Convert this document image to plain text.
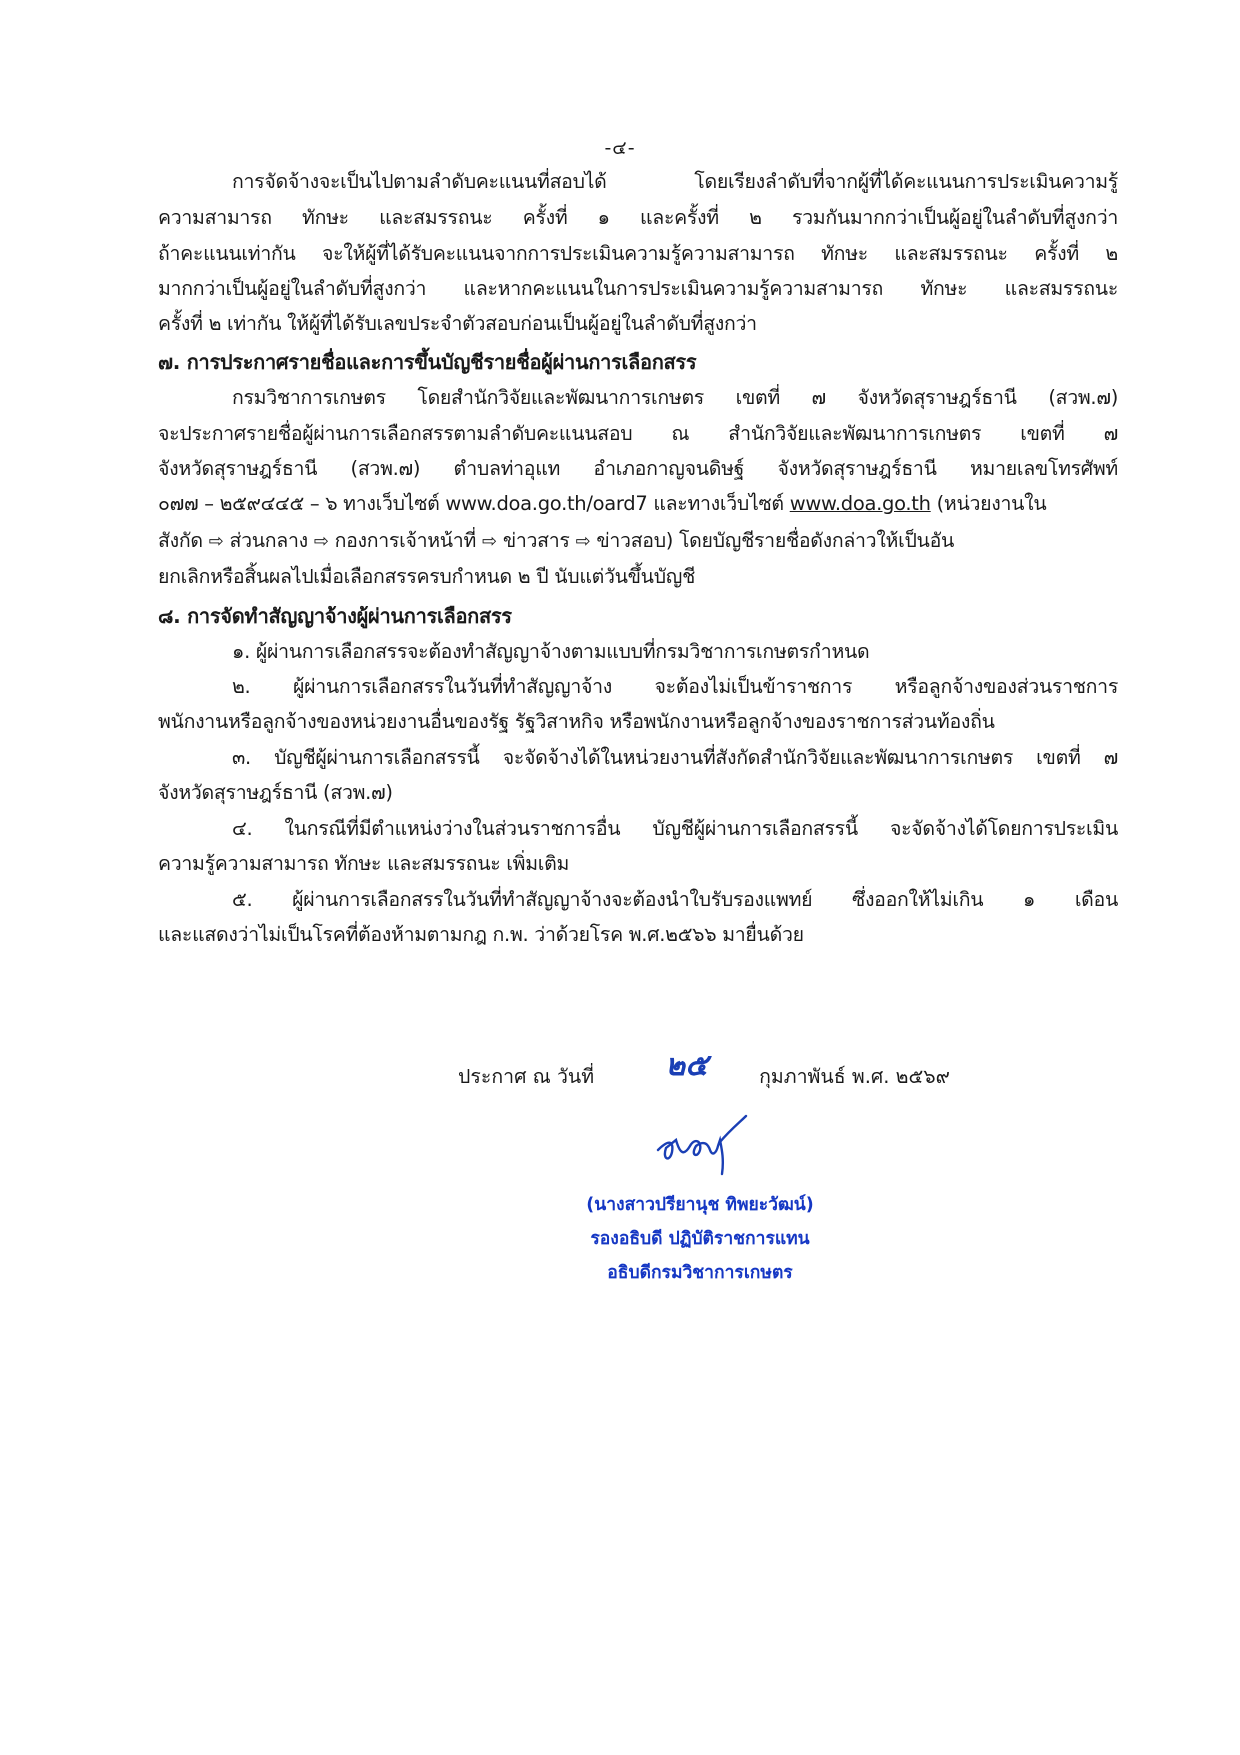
-๔-
การจัดจ้างจะเป็นไปตามลำดับคะแนนที่สอบได้ โดยเรียงลำดับที่จากผู้ที่ได้คะแนนการประเมินความรู้
ความสามารถ ทักษะ และสมรรถนะ ครั้งที่ ๑ และครั้งที่ ๒ รวมกันมากกว่าเป็นผู้อยู่ในลำดับที่สูงกว่า
ถ้าคะแนนเท่ากัน จะให้ผู้ที่ได้รับคะแนนจากการประเมินความรู้ความสามารถ ทักษะ และสมรรถนะ ครั้งที่ ๒
มากกว่าเป็นผู้อยู่ในลำดับที่สูงกว่า และหากคะแนนในการประเมินความรู้ความสามารถ ทักษะ และสมรรถนะ
ครั้งที่ ๒ เท่ากัน ให้ผู้ที่ได้รับเลขประจำตัวสอบก่อนเป็นผู้อยู่ในลำดับที่สูงกว่า
๗. การประกาศรายชื่อและการขึ้นบัญชีรายชื่อผู้ผ่านการเลือกสรร
กรมวิชาการเกษตร โดยสำนักวิจัยและพัฒนาการเกษตร เขตที่ ๗ จังหวัดสุราษฎร์ธานี (สวพ.๗)
จะประกาศรายชื่อผู้ผ่านการเลือกสรรตามลำดับคะแนนสอบ ณ สำนักวิจัยและพัฒนาการเกษตร เขตที่ ๗
จังหวัดสุราษฎร์ธานี (สวพ.๗) ตำบลท่าอุแท อำเภอกาญจนดิษฐ์ จังหวัดสุราษฎร์ธานี หมายเลขโทรศัพท์
๐๗๗ – ๒๕๙๔๔๕ – ๖ ทางเว็บไซต์ www.doa.go.th/oard7 และทางเว็บไซต์ www.doa.go.th (หน่วยงานใน
สังกัด ⇨ ส่วนกลาง ⇨ กองการเจ้าหน้าที่ ⇨ ข่าวสาร ⇨ ข่าวสอบ) โดยบัญชีรายชื่อดังกล่าวให้เป็นอัน
ยกเลิกหรือสิ้นผลไปเมื่อเลือกสรรครบกำหนด ๒ ปี นับแต่วันขึ้นบัญชี
๘. การจัดทำสัญญาจ้างผู้ผ่านการเลือกสรร
๑. ผู้ผ่านการเลือกสรรจะต้องทำสัญญาจ้างตามแบบที่กรมวิชาการเกษตรกำหนด
๒. ผู้ผ่านการเลือกสรรในวันที่ทำสัญญาจ้าง จะต้องไม่เป็นข้าราชการ หรือลูกจ้างของส่วนราชการ
พนักงานหรือลูกจ้างของหน่วยงานอื่นของรัฐ รัฐวิสาหกิจ หรือพนักงานหรือลูกจ้างของราชการส่วนท้องถิ่น
๓. บัญชีผู้ผ่านการเลือกสรรนี้ จะจัดจ้างได้ในหน่วยงานที่สังกัดสำนักวิจัยและพัฒนาการเกษตร เขตที่ ๗
จังหวัดสุราษฎร์ธานี (สวพ.๗)
๔. ในกรณีที่มีตำแหน่งว่างในส่วนราชการอื่น บัญชีผู้ผ่านการเลือกสรรนี้ จะจัดจ้างได้โดยการประเมิน
ความรู้ความสามารถ ทักษะ และสมรรถนะ เพิ่มเติม
๕. ผู้ผ่านการเลือกสรรในวันที่ทำสัญญาจ้างจะต้องนำใบรับรองแพทย์ ซึ่งออกให้ไม่เกิน ๑ เดือน
และแสดงว่าไม่เป็นโรคที่ต้องห้ามตามกฎ ก.พ. ว่าด้วยโรค พ.ศ.๒๕๖๖ มายื่นด้วย
ประกาศ ณ วันที่ ๒๕	กุมภาพันธ์ พ.ศ. ๒๕๖๙
(นางสาวปรียานุช ทิพยะวัฒน์)
รองอธิบดี ปฏิบัติราชการแทน
อธิบดีกรมวิชาการเกษตร
